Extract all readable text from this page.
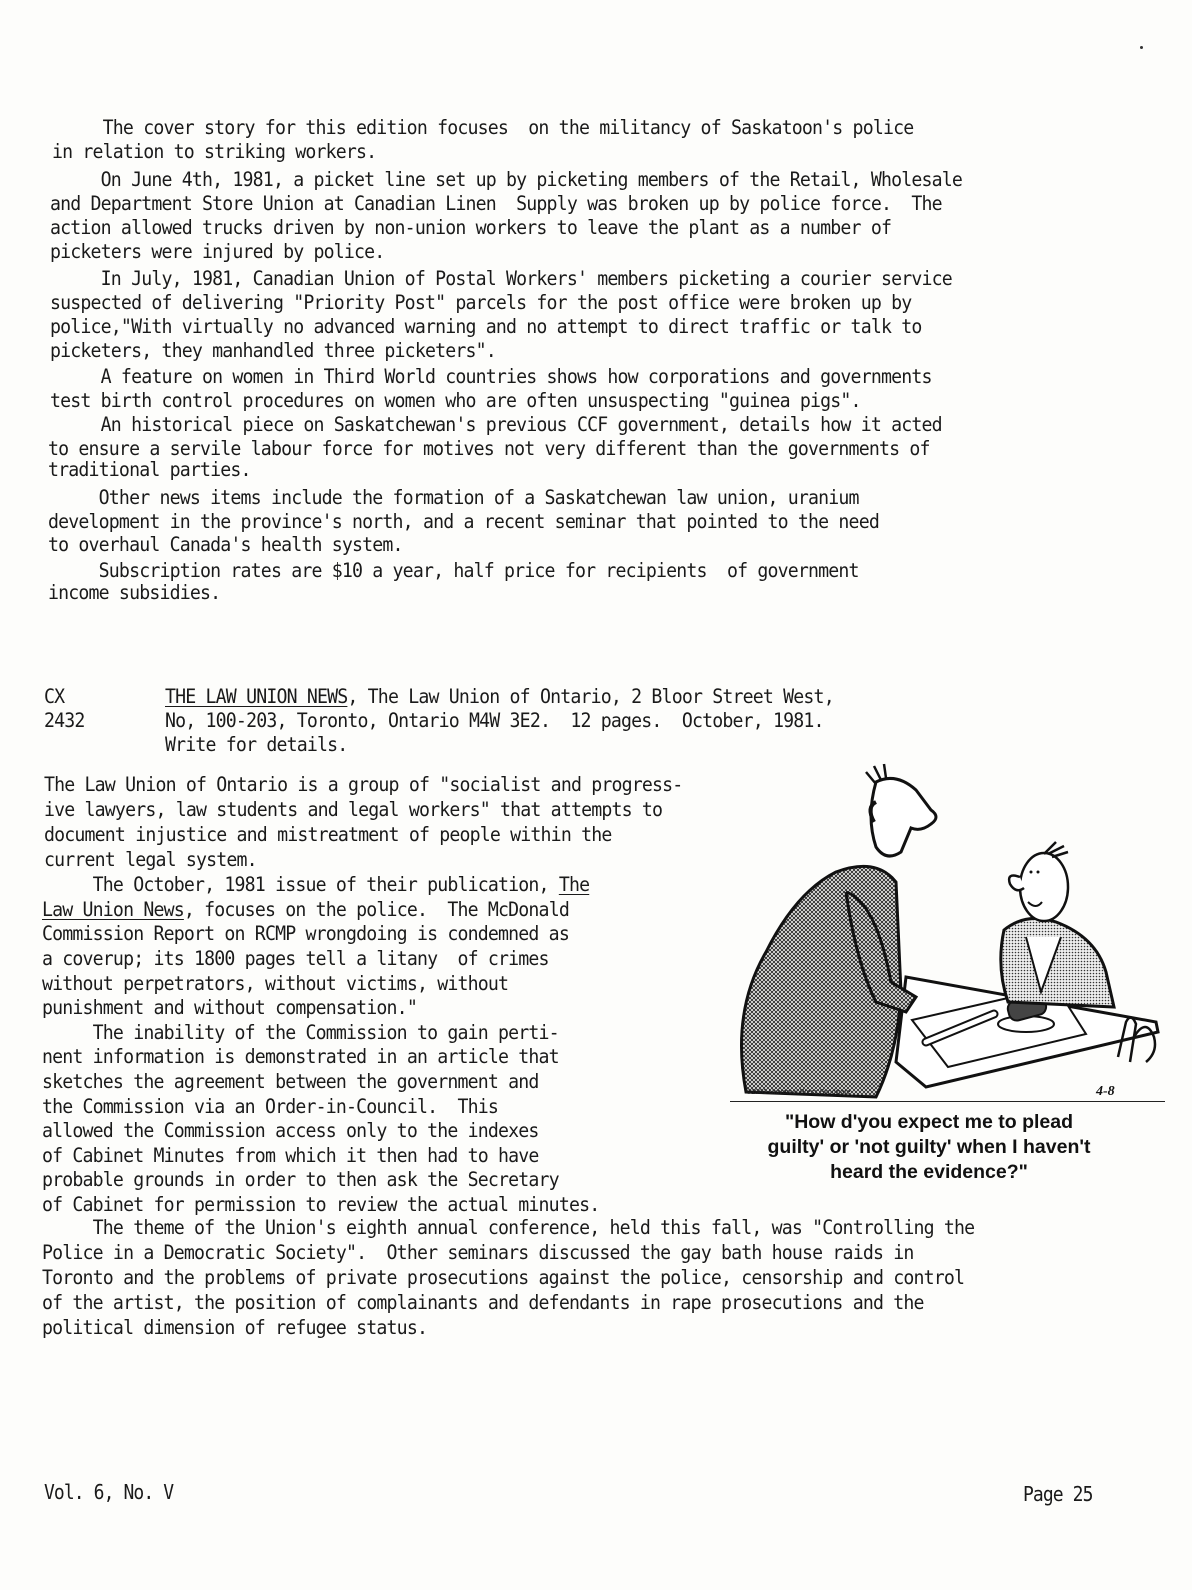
The cover story for this edition focuses  on the militancy of Saskatoon's police
in relation to striking workers.
On June 4th, 1981, a picket line set up by picketing members of the Retail, Wholesale
and Department Store Union at Canadian Linen  Supply was broken up by police force.  The
action allowed trucks driven by non-union workers to leave the plant as a number of
picketers were injured by police.
In July, 1981, Canadian Union of Postal Workers' members picketing a courier service
suspected of delivering "Priority Post" parcels for the post office were broken up by
police,"With virtually no advanced warning and no attempt to direct traffic or talk to
picketers, they manhandled three picketers".
A feature on women in Third World countries shows how corporations and governments
test birth control procedures on women who are often unsuspecting "guinea pigs".
An historical piece on Saskatchewan's previous CCF government, details how it acted
to ensure a servile labour force for motives not very different than the governments of
traditional parties.
Other news items include the formation of a Saskatchewan law union, uranium
development in the province's north, and a recent seminar that pointed to the need
to overhaul Canada's health system.
Subscription rates are $10 a year, half price for recipients  of government
income subsidies.
CX
2432
THE LAW UNION NEWS, The Law Union of Ontario, 2 Bloor Street West,
No, 100-203, Toronto, Ontario M4W 3E2.  12 pages.  October, 1981.
Write for details.
The Law Union of Ontario is a group of "socialist and progress-
ive lawyers, law students and legal workers" that attempts to
document injustice and mistreatment of people within the
current legal system.
The October, 1981 issue of their publication, The
Law Union News, focuses on the police.  The McDonald
Commission Report on RCMP wrongdoing is condemned as
a coverup; its 1800 pages tell a litany  of crimes
without perpetrators, without victims, without
punishment and without compensation."
The inability of the Commission to gain perti-
nent information is demonstrated in an article that
sketches the agreement between the government and
the Commission via an Order-in-Council.  This
allowed the Commission access only to the indexes
of Cabinet Minutes from which it then had to have
probable grounds in order to then ask the Secretary
of Cabinet for permission to review the actual minutes.
The theme of the Union's eighth annual conference, held this fall, was "Controlling the
Police in a Democratic Society".  Other seminars discussed the gay bath house raids in
Toronto and the problems of private prosecutions against the police, censorship and control
of the artist, the position of complainants and defendants in rape prosecutions and the
political dimension of refugee status.
©1981 Universal Press Syndicate	4-8
"How d'you expect me to plead
guilty' or 'not guilty' when I haven't
heard the evidence?"
Vol. 6, No. V	Page 25
